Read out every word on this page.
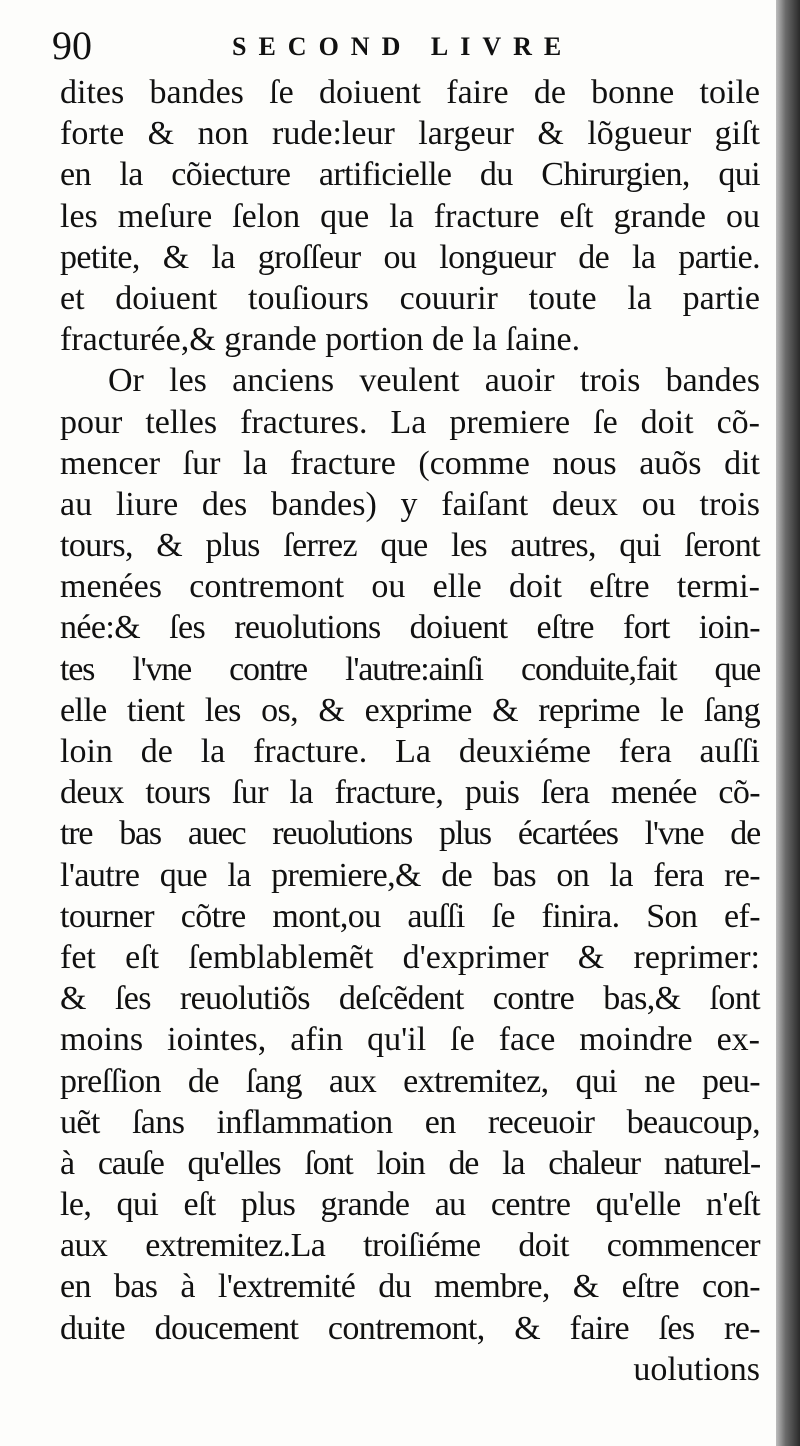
90	SECOND LIVRE
dites bandes ſe doiuent faire de bonne toile
forte & non rude:leur largeur & lõgueur giſt
en la cõiecture artificielle du Chirurgien, qui
les meſure ſelon que la fracture eſt grande ou
petite, & la groſſeur ou longueur de la partie.
et doiuent touſiours couurir toute la partie
fracturée,& grande portion de la ſaine.
Or les anciens veulent auoir trois bandes
pour telles fractures. La premiere ſe doit cõ-
mencer ſur la fracture (comme nous auõs dit
au liure des bandes) y faiſant deux ou trois
tours, & plus ſerrez que les autres, qui ſeront
menées contremont ou elle doit eſtre termi-
née:& ſes reuolutions doiuent eſtre fort ioin-
tes l'vne contre l'autre:ainſi conduite,fait que
elle tient les os, & exprime & reprime le ſang
loin de la fracture. La deuxiéme fera auſſi
deux tours ſur la fracture, puis ſera menée cõ-
tre bas auec reuolutions plus écartées l'vne de
l'autre que la premiere,& de bas on la fera re-
tourner cõtre mont,ou auſſi ſe finira. Son ef-
fet eſt ſemblablemẽt d'exprimer & reprimer:
& ſes reuolutiõs deſcẽdent contre bas,& ſont
moins iointes, afin qu'il ſe face moindre ex-
preſſion de ſang aux extremitez, qui ne peu-
uẽt ſans inflammation en receuoir beaucoup,
à cauſe qu'elles ſont loin de la chaleur naturel-
le, qui eſt plus grande au centre qu'elle n'eſt
aux extremitez.La troiſiéme doit commencer
en bas à l'extremité du membre, & eſtre con-
duite doucement contremont, & faire ſes re-
uolutions
